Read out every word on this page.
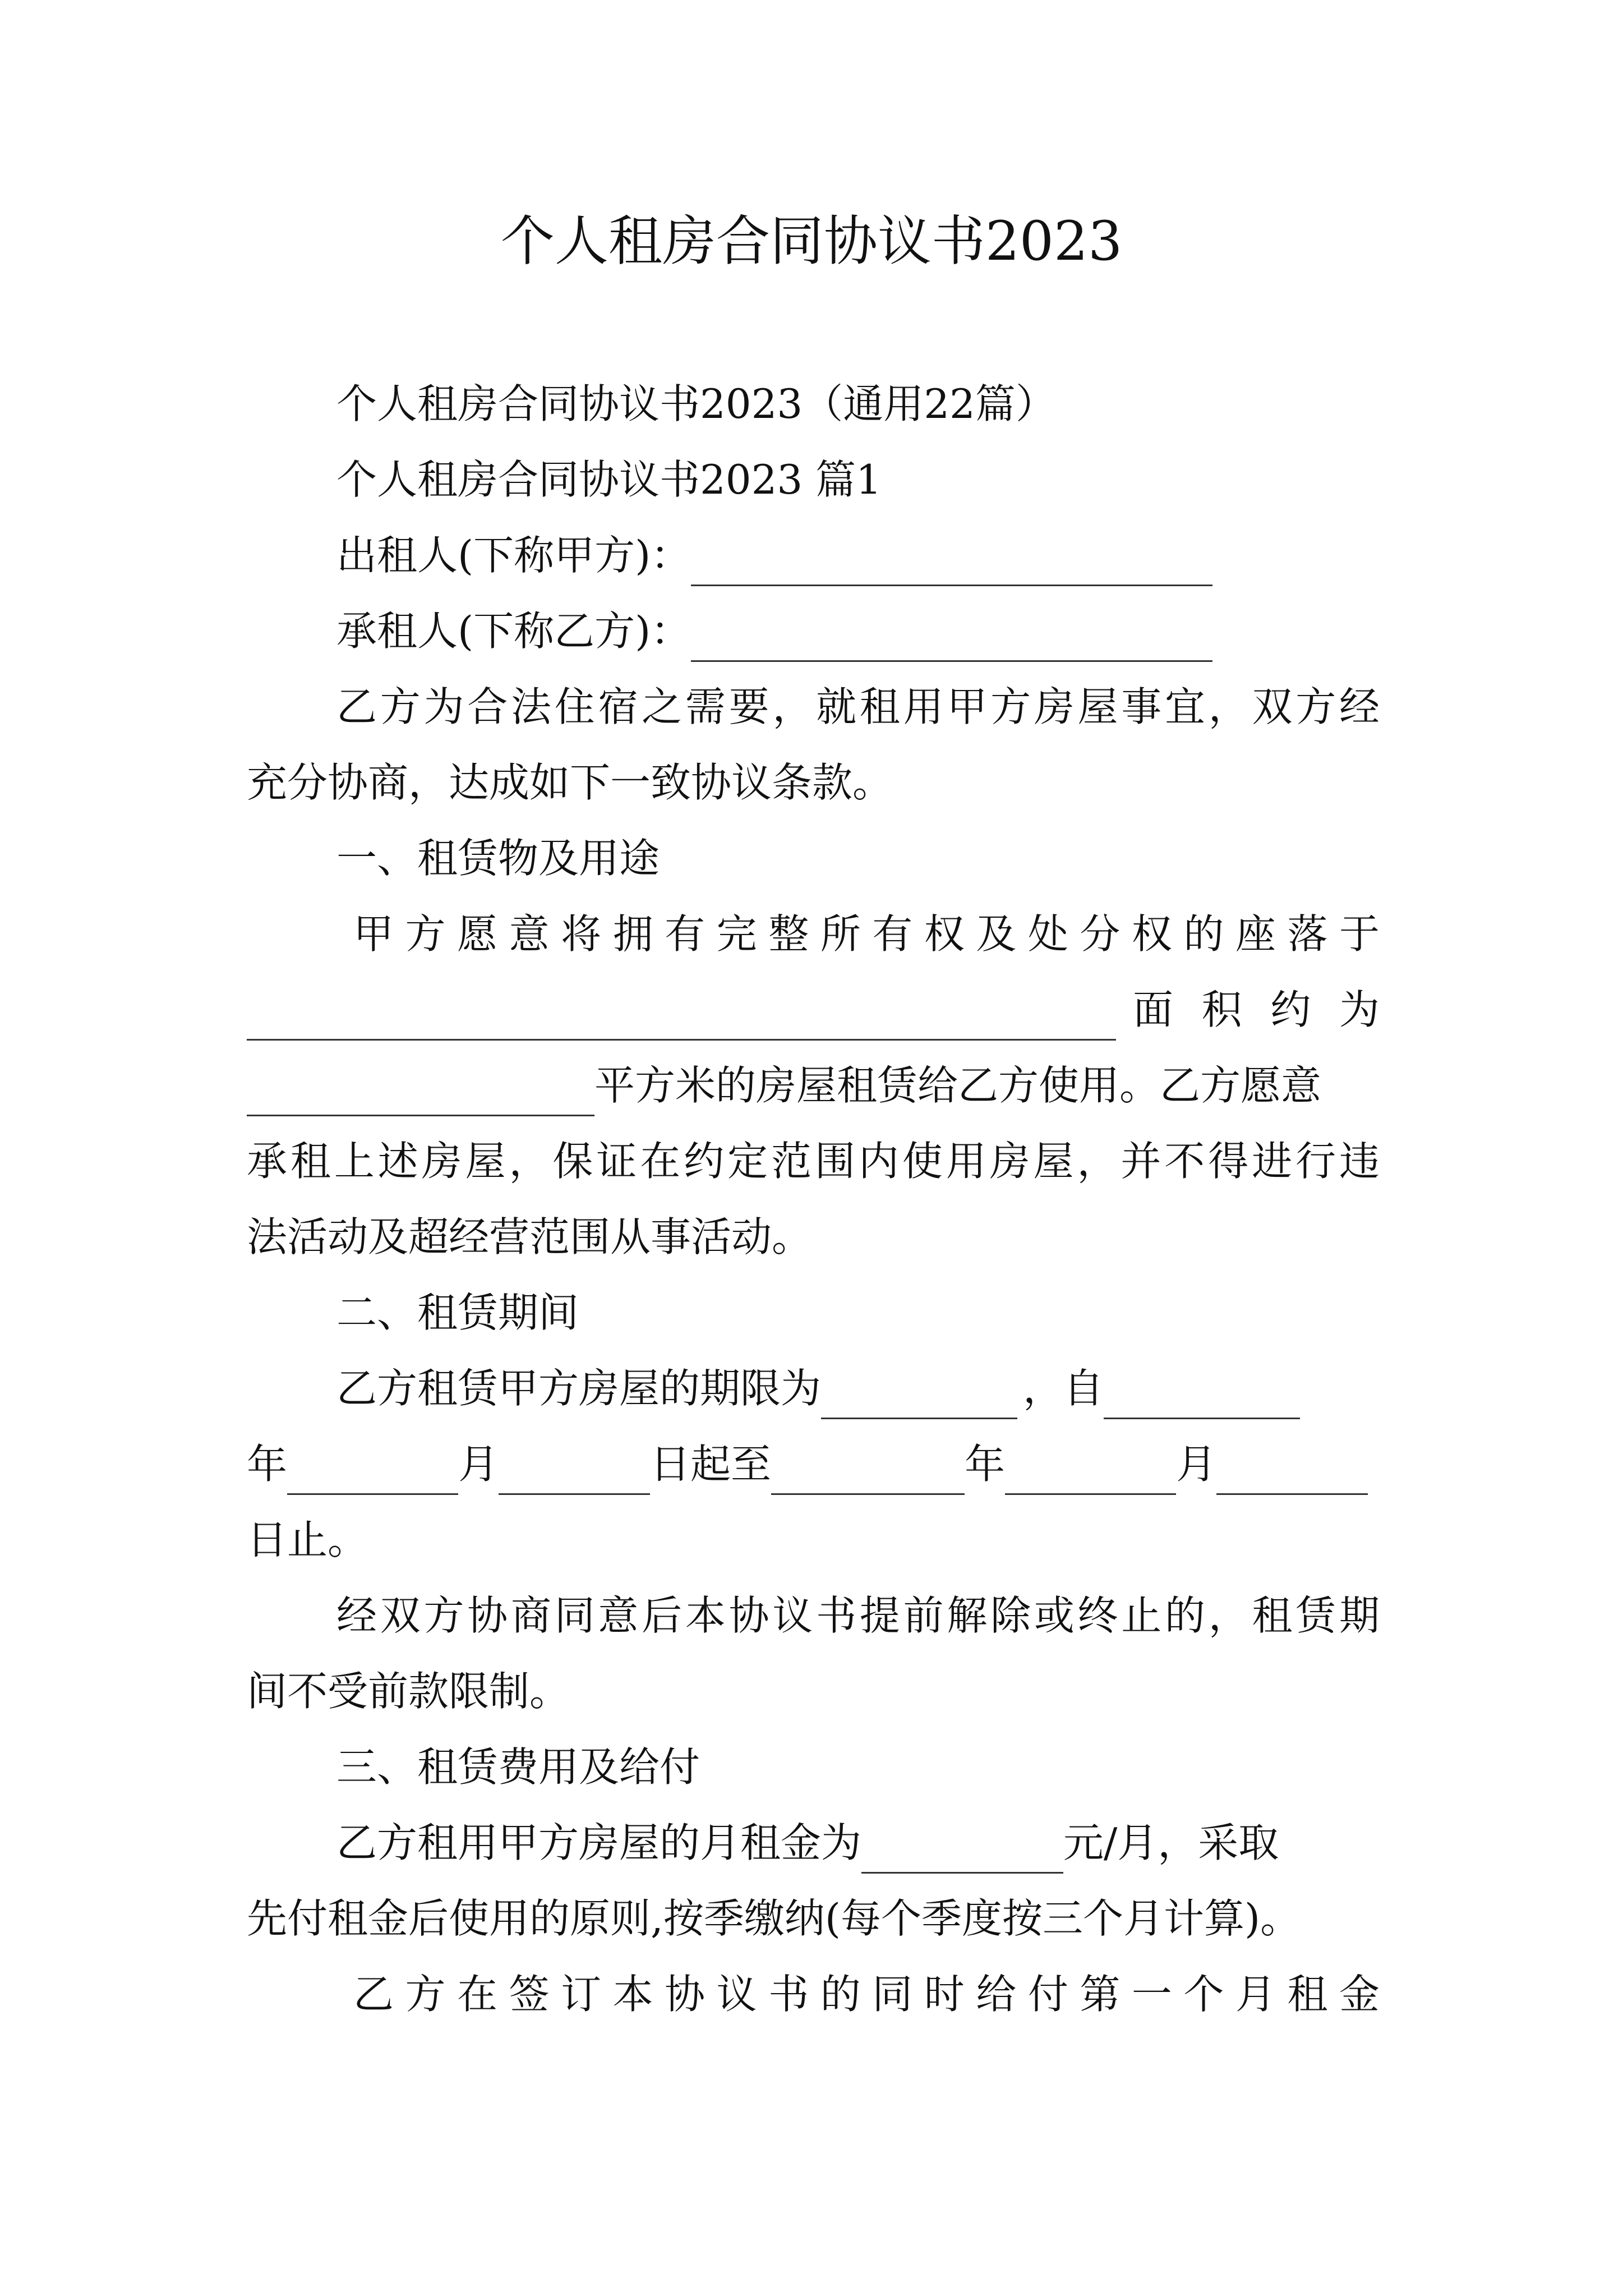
个人租房合同协议书2023
个人租房合同协议书2023（通用22篇）
个人租房合同协议书2023 篇1
出租人(下称甲方)：
承租人(下称乙方)：
乙方为合法住宿之需要，就租用甲方房屋事宜，双方经
充分协商，达成如下一致协议条款。
一、租赁物及用途
甲方愿意将拥有完整所有权及处分权的座落于
面积约为
平方米的房屋租赁给乙方使用。乙方愿意
承租上述房屋，保证在约定范围内使用房屋，并不得进行违
法活动及超经营范围从事活动。
二、租赁期间
乙方租赁甲方房屋的期限为	，自
年	月	日起至	年	月
日止。
经双方协商同意后本协议书提前解除或终止的，租赁期
间不受前款限制。
三、租赁费用及给付
乙方租用甲方房屋的月租金为	元/月，采取
先付租金后使用的原则,按季缴纳(每个季度按三个月计算)。
乙方在签订本协议书的同时给付第一个月租金
